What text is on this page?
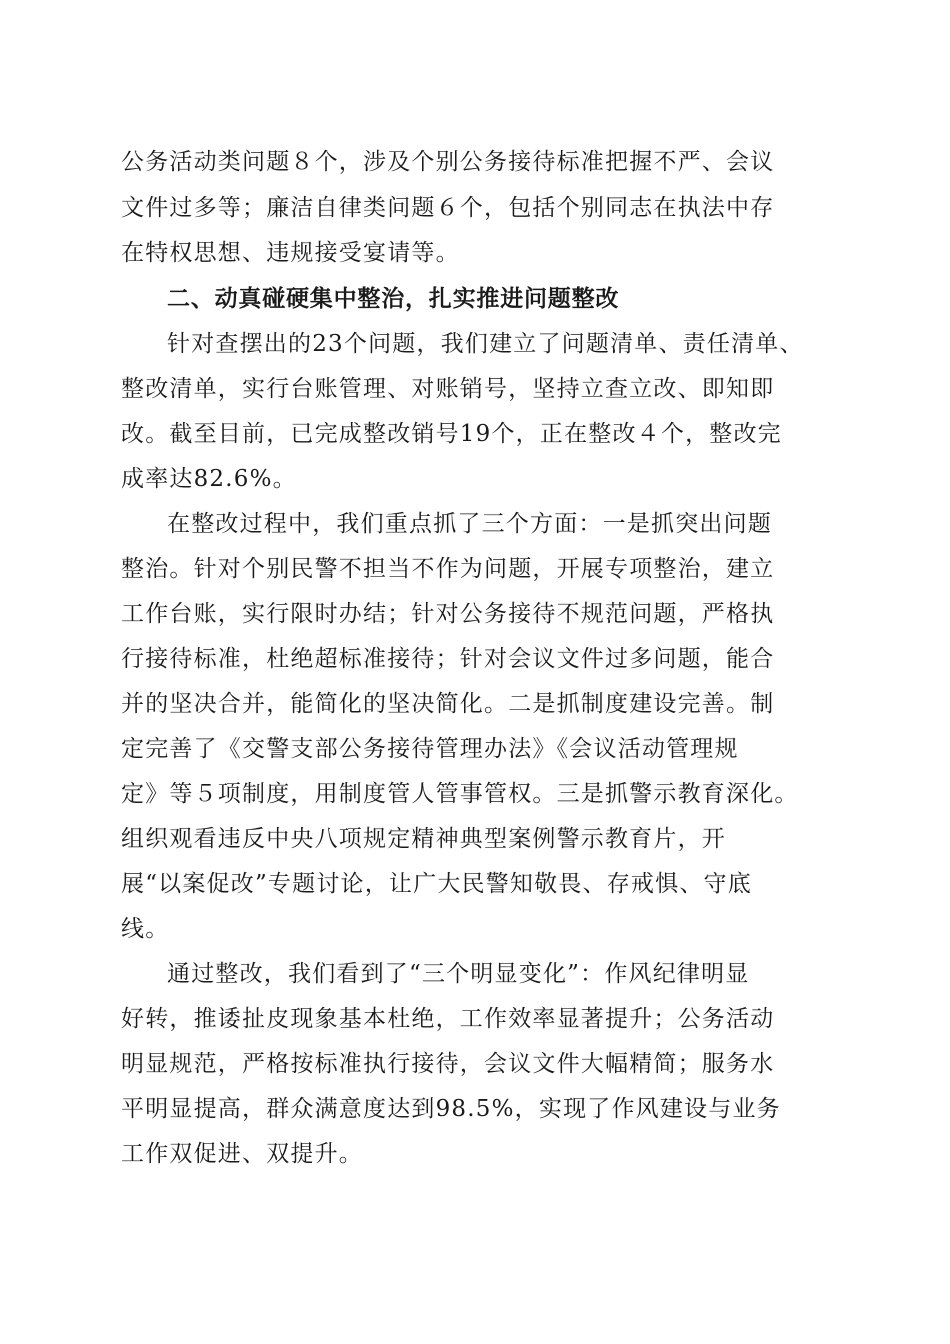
公务活动类问题８个，涉及个别公务接待标准把握不严、会议

文件过多等；廉洁自律类问题６个，包括个别同志在执法中存

在特权思想、违规接受宴请等。

二、动真碰硬集中整治，扎实推进问题整改

针对查摆出的23个问题，我们建立了问题清单、责任清单、

整改清单，实行台账管理、对账销号，坚持立查立改、即知即

改。截至目前，已完成整改销号19个，正在整改４个，整改完

成率达82.6%。

在整改过程中，我们重点抓了三个方面：一是抓突出问题

整治。针对个别民警不担当不作为问题，开展专项整治，建立

工作台账，实行限时办结；针对公务接待不规范问题，严格执

行接待标准，杜绝超标准接待；针对会议文件过多问题，能合

并的坚决合并，能简化的坚决简化。二是抓制度建设完善。制

定完善了《交警支部公务接待管理办法》《会议活动管理规

定》等５项制度，用制度管人管事管权。三是抓警示教育深化。

组织观看违反中央八项规定精神典型案例警示教育片，开

展“以案促改”专题讨论，让广大民警知敬畏、存戒惧、守底

线。

通过整改，我们看到了“三个明显变化”：作风纪律明显

好转，推诿扯皮现象基本杜绝，工作效率显著提升；公务活动

明显规范，严格按标准执行接待，会议文件大幅精简；服务水

平明显提高，群众满意度达到98.5%，实现了作风建设与业务

工作双促进、双提升。
